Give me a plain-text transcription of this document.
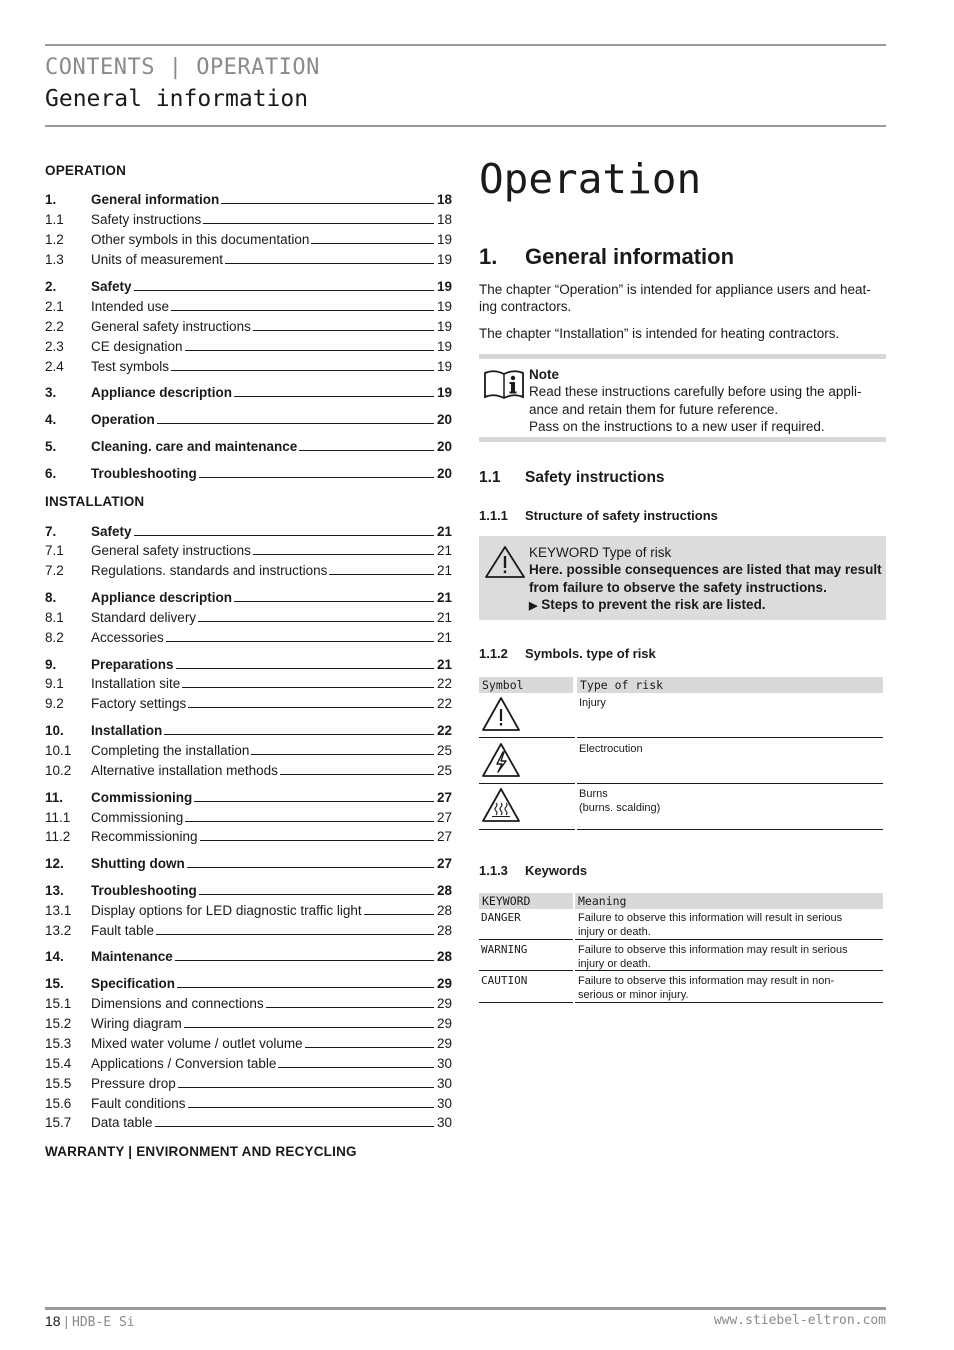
CONTENTS | OPERATION
General information
OPERATION
INSTALLATION
WARRANTY | ENVIRONMENT AND RECYCLING
1.	General information	18
1.1	Safety instructions	18
1.2	Other symbols in this documentation	19
1.3	Units of measurement	19
2.	Safety	19
2.1	Intended use	19
2.2	General safety instructions	19
2.3	CE designation	19
2.4	Test symbols	19
3.	Appliance description	19
4.	Operation	20
5.	Cleaning. care and maintenance	20
6.	Troubleshooting	20
7.	Safety	21
7.1	General safety instructions	21
7.2	Regulations. standards and instructions	21
8.	Appliance description	21
8.1	Standard delivery	21
8.2	Accessories	21
9.	Preparations	21
9.1	Installation site	22
9.2	Factory settings	22
10.	Installation	22
10.1	Completing the installation	25
10.2	Alternative installation methods	25
11.	Commissioning	27
11.1	Commissioning	27
11.2	Recommissioning	27
12.	Shutting down	27
13.	Troubleshooting	28
13.1	Display options for LED diagnostic traffic light	28
13.2	Fault table	28
14.	Maintenance	28
15.	Specification	29
15.1	Dimensions and connections	29
15.2	Wiring diagram	29
15.3	Mixed water volume / outlet volume	29
15.4	Applications / Conversion table	30
15.5	Pressure drop	30
15.6	Fault conditions	30
15.7	Data table	30
Operation
1. General information
The chapter “Operation” is intended for appliance users and heat-
ing contractors.
The chapter “Installation” is intended for heating contractors.
Note
Read these instructions carefully before using the appli-
ance and retain them for future reference.
Pass on the instructions to a new user if required.
1.1 Safety instructions
1.1.1 Structure of safety instructions
KEYWORD Type of risk
Here. possible consequences are listed that may result
from failure to observe the safety instructions.
▶ Steps to prevent the risk are listed.
1.1.2 Symbols. type of risk
Symbol	Type of risk
Injury
Electrocution
Burns
(burns. scalding)
1.1.3 Keywords
KEYWORD	Meaning
DANGER	Failure to observe this information will result in serious
injury or death.
WARNING	Failure to observe this information may result in serious
injury or death.
CAUTION	Failure to observe this information may result in non-
serious or minor injury.
18 | HDB-E Si	www.stiebel-eltron.com
